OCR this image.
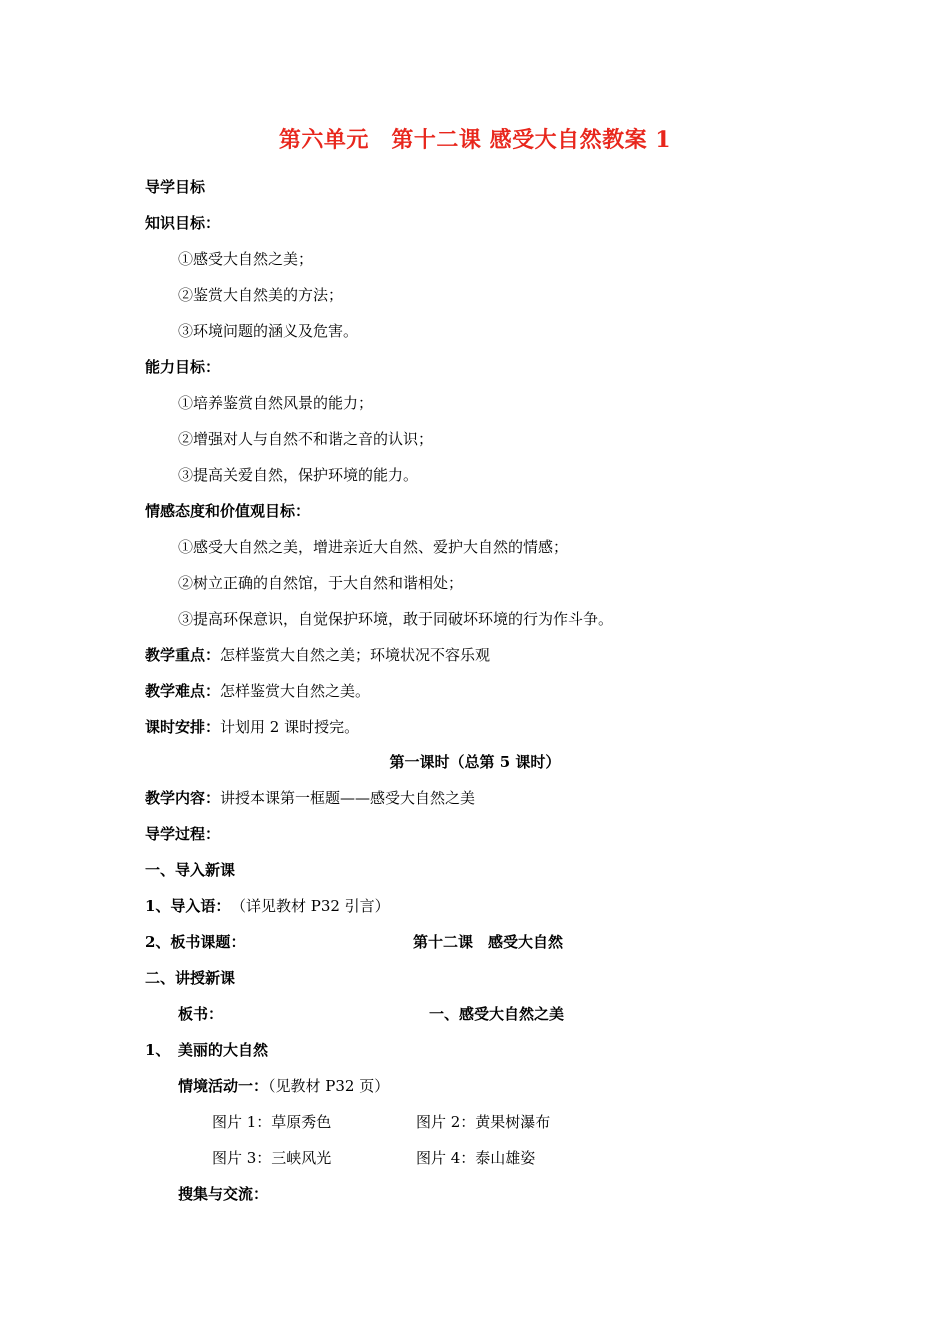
第六单元　第十二课 感受大自然教案 1
导学目标
知识目标：
①感受大自然之美；
②鉴赏大自然美的方法；
③环境问题的涵义及危害。
能力目标：
①培养鉴赏自然风景的能力；
②增强对人与自然不和谐之音的认识；
③提高关爱自然，保护环境的能力。
情感态度和价值观目标：
①感受大自然之美，增进亲近大自然、爱护大自然的情感；
②树立正确的自然馆，于大自然和谐相处；
③提高环保意识，自觉保护环境，敢于同破坏环境的行为作斗争。
教学重点：怎样鉴赏大自然之美；环境状况不容乐观
教学难点：怎样鉴赏大自然之美。
课时安排：计划用 2 课时授完。
第一课时（总第 5 课时）
教学内容：讲授本课第一框题——感受大自然之美
导学过程：
一、导入新课
1、导入语： （详见教材 P32 引言）
2、板书课题：	第十二课　感受大自然
二、讲授新课
板书：	一、感受大自然之美
1、　美丽的大自然
情境活动一：（见教材 P32 页）
图片 1：草原秀色	图片 2：黄果树瀑布
图片 3：三峡风光	图片 4：泰山雄姿
搜集与交流：
